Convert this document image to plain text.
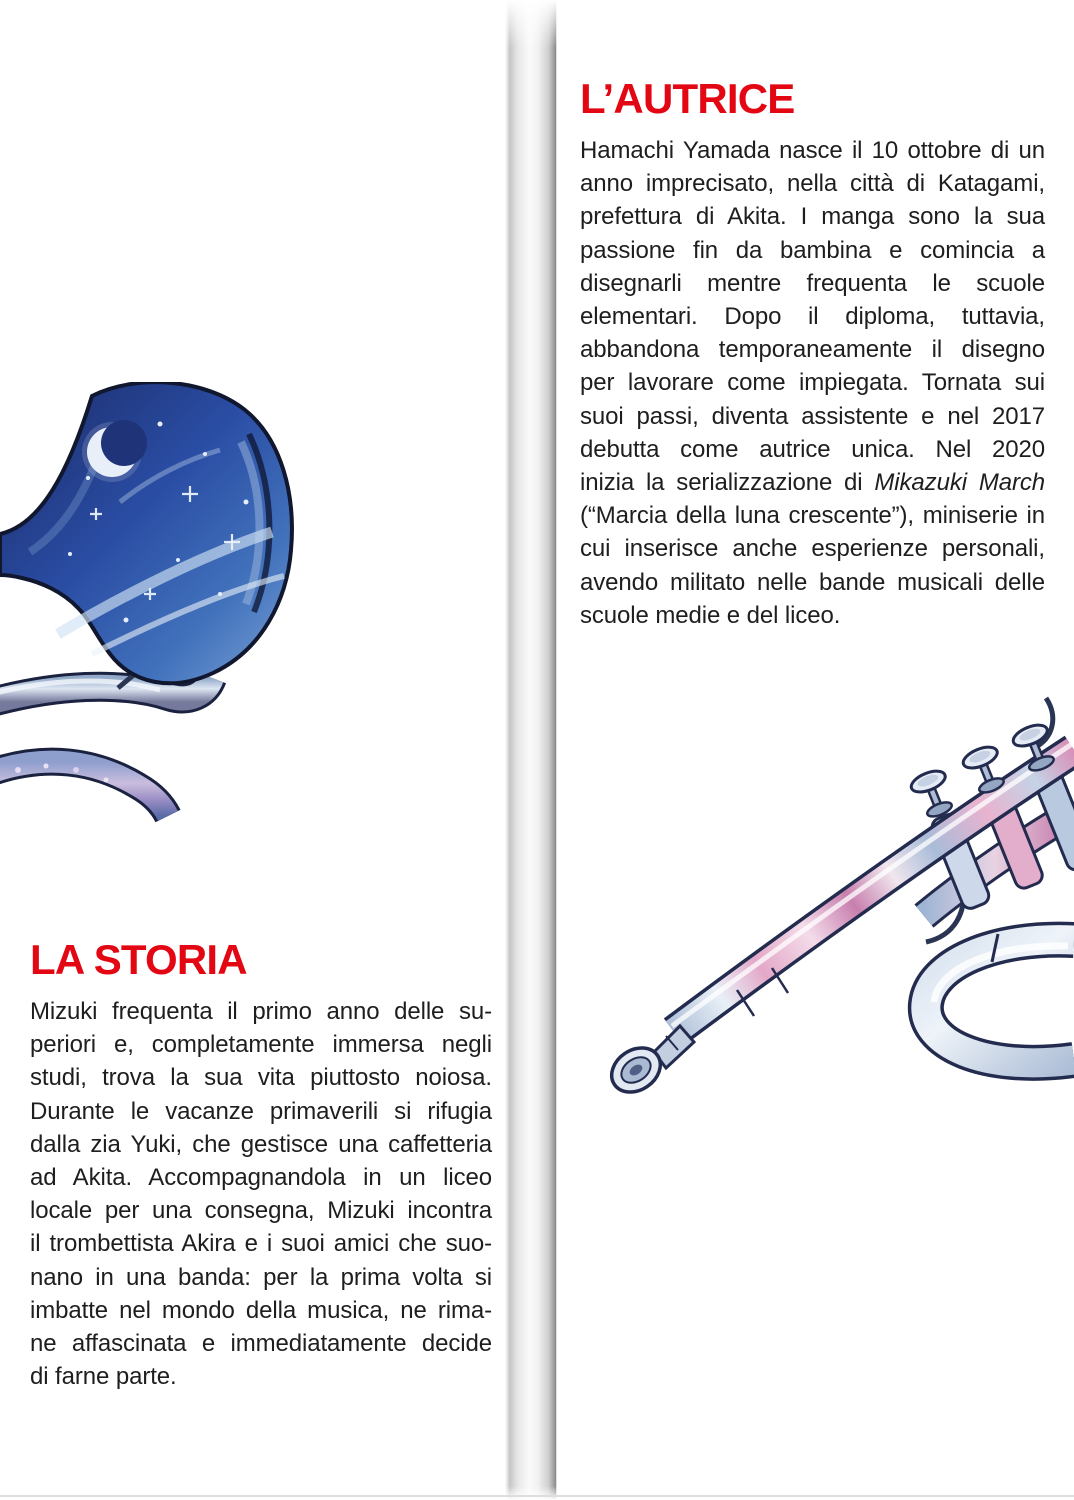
LA STORIA
Mizuki frequenta il primo anno delle su-
periori e, completamente immersa negli
studi, trova la sua vita piuttosto noiosa.
Durante le vacanze primaverili si rifugia
dalla zia Yuki, che gestisce una caffetteria
ad Akita. Accompagnandola in un liceo
locale per una consegna, Mizuki incontra
il trombettista Akira e i suoi amici che suo-
nano in una banda: per la prima volta si
imbatte nel mondo della musica, ne rima-
ne affascinata e immediatamente decide
di farne parte.
L’AUTRICE
Hamachi Yamada nasce il 10 ottobre di un
anno imprecisato, nella città di Katagami,
prefettura di Akita. I manga sono la sua
passione fin da bambina e comincia a
disegnarli mentre frequenta le scuole
elementari. Dopo il diploma, tuttavia,
abbandona temporaneamente il disegno
per lavorare come impiegata. Tornata sui
suoi passi, diventa assistente e nel 2017
debutta come autrice unica. Nel 2020
inizia la serializzazione di Mikazuki March
(“Marcia della luna crescente”), miniserie in
cui inserisce anche esperienze personali,
avendo militato nelle bande musicali delle
scuole medie e del liceo.
